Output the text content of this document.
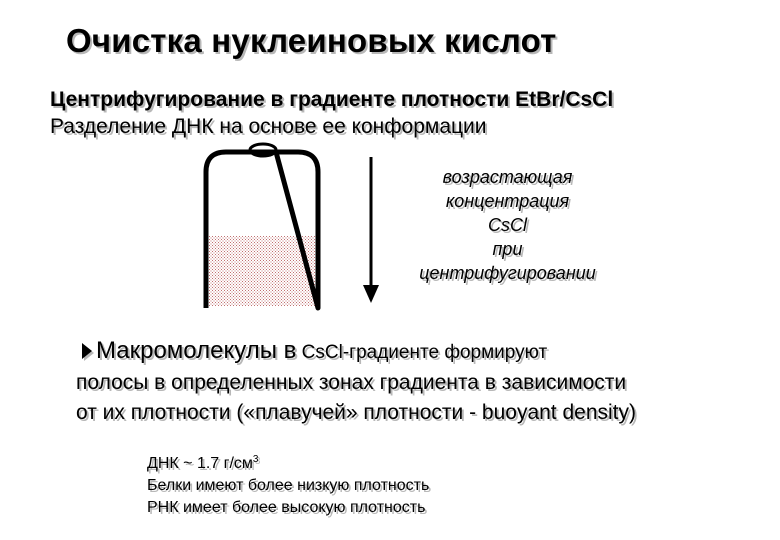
Очистка нуклеиновых кислот
Центрифугирование в градиенте плотности EtBr/CsCl
Разделение ДНК на основе ее конформации
возрастающая
концентрация
CsCl
при
центрифугировании
Макромолекулы в CsCl-градиенте формируют
полосы в определенных зонах градиента в зависимости
от их плотности («плавучей» плотности - buoyant density)
ДНК ~ 1.7 $г/см^3$
Белки имеют более низкую плотность
РНК имеет более высокую плотность
